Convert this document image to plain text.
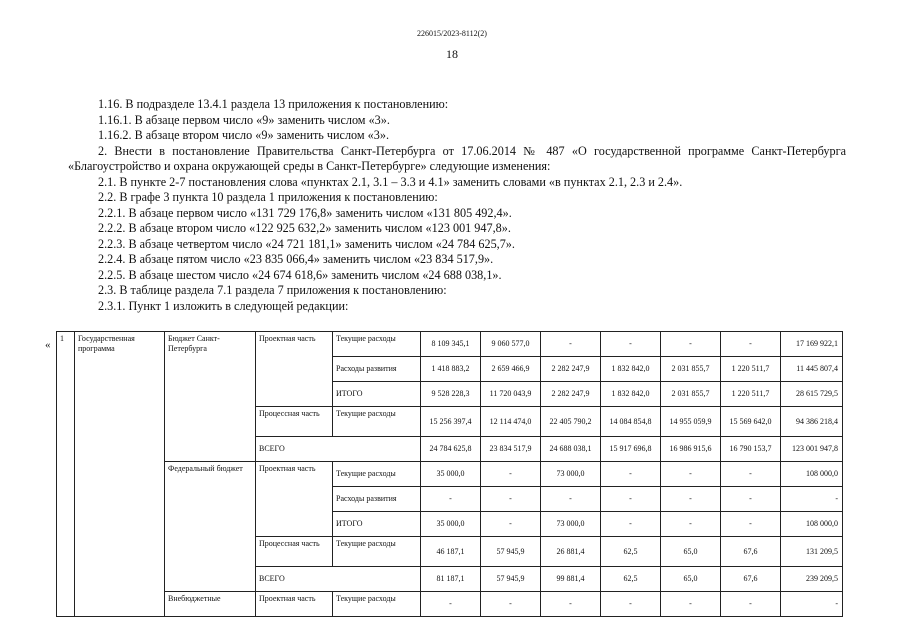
226015/2023-8112(2)
18

1.16. В подразделе 13.4.1 раздела 13 приложения к постановлению:

1.16.1. В абзаце первом число «9» заменить числом «3».

1.16.2. В абзаце втором число «9» заменить числом «3».

2. Внести в постановление Правительства Санкт-Петербурга от 17.06.2014 № 487 «О государственной программе Санкт-Петербурга

«Благоустройство и охрана окружающей среды в Санкт-Петербурге» следующие изменения:

2.1. В пункте 2-7 постановления слова «пунктах 2.1, 3.1 – 3.3 и 4.1» заменить словами «в пунктах 2.1, 2.3 и 2.4».

2.2. В графе 3 пункта 10 раздела 1 приложения к постановлению:

2.2.1. В абзаце первом число «131 729 176,8» заменить числом «131 805 492,4».

2.2.2. В абзаце втором число «122 925 632,2» заменить числом «123 001 947,8».

2.2.3. В абзаце четвертом число «24 721 181,1» заменить числом «24 784 625,7».

2.2.4. В абзаце пятом число «23 835 066,4» заменить числом «23 834 517,9».

2.2.5. В абзаце шестом число «24 674 618,6» заменить числом «24 688 038,1».

2.3. В таблице раздела 7.1 раздела 7 приложения к постановлению:

2.3.1. Пункт 1 изложить в следующей редакции:

«
1	Государственная программа	Бюджет Санкт-Петербурга	Проектная часть	Текущие расходы	8 109 345,1	9 060 577,0	-	-	-	-	17 169 922,1
				Расходы развития	1 418 883,2	2 659 466,9	2 282 247,9	1 832 842,0	2 031 855,7	1 220 511,7	11 445 807,4
				ИТОГО	9 528 228,3	11 720 043,9	2 282 247,9	1 832 842,0	2 031 855,7	1 220 511,7	28 615 729,5
			Процессная часть	Текущие расходы	15 256 397,4	12 114 474,0	22 405 790,2	14 084 854,8	14 955 059,9	15 569 642,0	94 386 218,4
			ВСЕГО		24 784 625,8	23 834 517,9	24 688 038,1	15 917 696,8	16 986 915,6	16 790 153,7	123 001 947,8
		Федеральный бюджет	Проектная часть	Текущие расходы	35 000,0	-	73 000,0	-	-	-	108 000,0
				Расходы развития	-	-	-	-	-	-	-
				ИТОГО	35 000,0	-	73 000,0	-	-	-	108 000,0
			Процессная часть	Текущие расходы	46 187,1	57 945,9	26 881,4	62,5	65,0	67,6	131 209,5
			ВСЕГО		81 187,1	57 945,9	99 881,4	62,5	65,0	67,6	239 209,5
		Внебюджетные	Проектная часть	Текущие расходы	-	-	-	-	-	-	-
